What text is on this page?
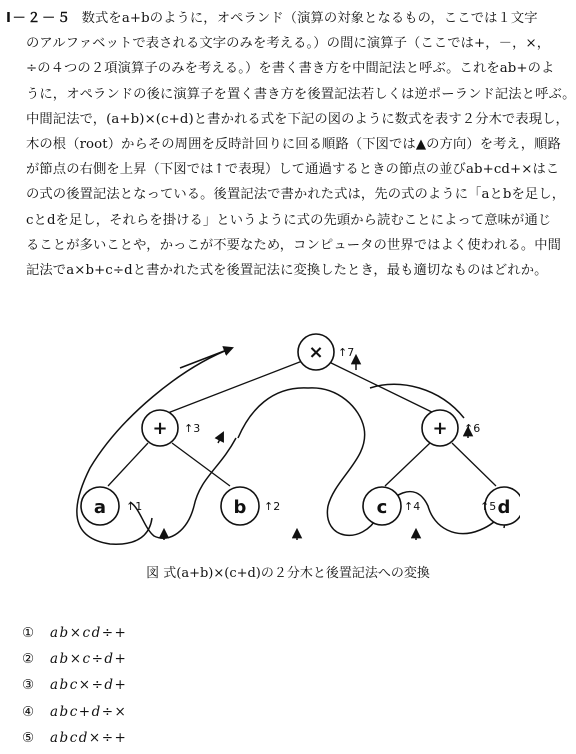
Ⅰ－２－５ 数式をa+bのように，オペランド（演算の対象となるもの，ここでは１文字
のアルファベットで表される文字のみを考える。）の間に演算子（ここでは+，－，×，
÷の４つの２項演算子のみを考える。）を書く書き方を中間記法と呼ぶ。これをab+のよ
うに，オペランドの後に演算子を置く書き方を後置記法若しくは逆ポーランド記法と呼ぶ。
中間記法で，(a+b)×(c+d)と書かれる式を下記の図のように数式を表す２分木で表現し，
木の根（root）からその周囲を反時計回りに回る順路（下図では▲の方向）を考え，順路
が節点の右側を上昇（下図では↑で表現）して通過するときの節点の並びab+cd+×はこ
の式の後置記法となっている。後置記法で書かれた式は，先の式のように「aとbを足し，
cとdを足し，それらを掛ける」というように式の先頭から読むことによって意味が通じ
ることが多いことや，かっこが不要なため，コンピュータの世界ではよく使われる。中間
記法でa×b+c÷dと書かれた式を後置記法に変換したとき，最も適切なものはどれか。
×
+	+
a	b	c	d
↑1	↑2
↑3
↑4	↑5
↑6
↑7
図 式(a+b)×(c+d)の２分木と後置記法への変換
① ab×cd÷+
② ab×c÷d+
③ abc×÷d+
④ abc+d÷×
⑤ abcd×÷+
